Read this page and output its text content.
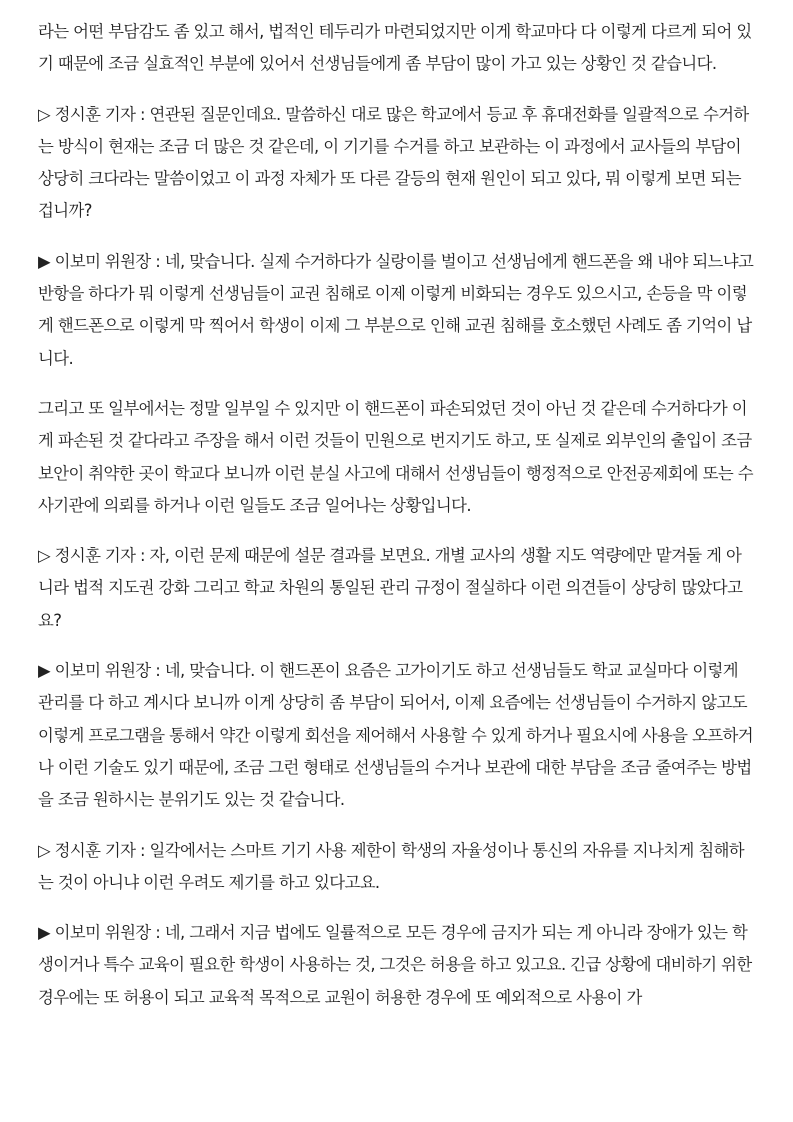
라는 어떤 부담감도 좀 있고 해서, 법적인 테두리가 마련되었지만 이게 학교마다 다 이렇게 다르게 되어 있기 때문에 조금 실효적인 부분에 있어서 선생님들에게 좀 부담이 많이 가고 있는 상황인 것 같습니다.

▷ 정시훈 기자 : 연관된 질문인데요. 말씀하신 대로 많은 학교에서 등교 후 휴대전화를 일괄적으로 수거하는 방식이 현재는 조금 더 많은 것 같은데, 이 기기를 수거를 하고 보관하는 이 과정에서 교사들의 부담이 상당히 크다라는 말씀이었고 이 과정 자체가 또 다른 갈등의 현재 원인이 되고 있다, 뭐 이렇게 보면 되는 겁니까?

▶ 이보미 위원장 : 네, 맞습니다. 실제 수거하다가 실랑이를 벌이고 선생님에게 핸드폰을 왜 내야 되느냐고 반항을 하다가 뭐 이렇게 선생님들이 교권 침해로 이제 이렇게 비화되는 경우도 있으시고, 손등을 막 이렇게 핸드폰으로 이렇게 막 찍어서 학생이 이제 그 부분으로 인해 교권 침해를 호소했던 사례도 좀 기억이 납니다.

그리고 또 일부에서는 정말 일부일 수 있지만 이 핸드폰이 파손되었던 것이 아닌 것 같은데 수거하다가 이게 파손된 것 같다라고 주장을 해서 이런 것들이 민원으로 번지기도 하고, 또 실제로 외부인의 출입이 조금 보안이 취약한 곳이 학교다 보니까 이런 분실 사고에 대해서 선생님들이 행정적으로 안전공제회에 또는 수사기관에 의뢰를 하거나 이런 일들도 조금 일어나는 상황입니다.

▷ 정시훈 기자 : 자, 이런 문제 때문에 설문 결과를 보면요. 개별 교사의 생활 지도 역량에만 맡겨둘 게 아니라 법적 지도권 강화 그리고 학교 차원의 통일된 관리 규정이 절실하다 이런 의견들이 상당히 많았다고요?

▶ 이보미 위원장 : 네, 맞습니다. 이 핸드폰이 요즘은 고가이기도 하고 선생님들도 학교 교실마다 이렇게 관리를 다 하고 계시다 보니까 이게 상당히 좀 부담이 되어서, 이제 요즘에는 선생님들이 수거하지 않고도 이렇게 프로그램을 통해서 약간 이렇게 회선을 제어해서 사용할 수 있게 하거나 필요시에 사용을 오프하거나 이런 기술도 있기 때문에, 조금 그런 형태로 선생님들의 수거나 보관에 대한 부담을 조금 줄여주는 방법을 조금 원하시는 분위기도 있는 것 같습니다.

▷ 정시훈 기자 : 일각에서는 스마트 기기 사용 제한이 학생의 자율성이나 통신의 자유를 지나치게 침해하는 것이 아니냐 이런 우려도 제기를 하고 있다고요.

▶ 이보미 위원장 : 네, 그래서 지금 법에도 일률적으로 모든 경우에 금지가 되는 게 아니라 장애가 있는 학생이거나 특수 교육이 필요한 학생이 사용하는 것, 그것은 허용을 하고 있고요. 긴급 상황에 대비하기 위한 경우에는 또 허용이 되고 교육적 목적으로 교원이 허용한 경우에 또 예외적으로 사용이 가
